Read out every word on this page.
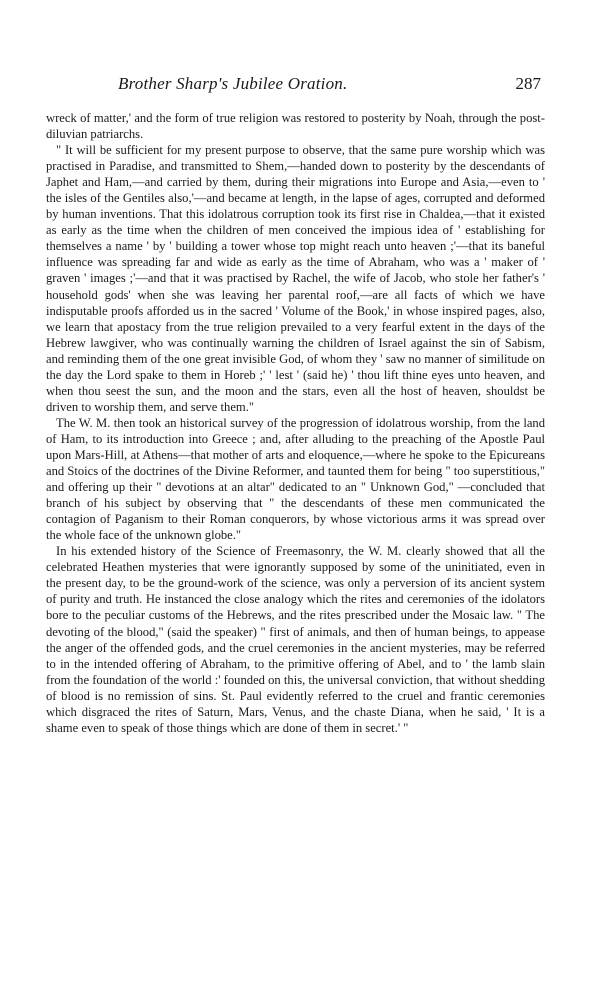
Brother Sharp's Jubilee Oration.	287

wreck of matter,' and the form of true religion was restored to posterity by Noah, through the post-diluvian patriarchs.

" It will be sufficient for my present purpose to observe, that the same pure worship which was practised in Paradise, and transmitted to Shem,—handed down to posterity by the descendants of Japhet and Ham,—and carried by them, during their migrations into Europe and Asia,—even to ' the isles of the Gentiles also,'—and became at length, in the lapse of ages, corrupted and deformed by human inventions. That this idolatrous corruption took its first rise in Chaldea,—that it existed as early as the time when the children of men conceived the impious idea of ' establishing for themselves a name ' by ' building a tower whose top might reach unto heaven ;'—that its baneful influence was spreading far and wide as early as the time of Abraham, who was a ' maker of ' graven ' images ;'—and that it was practised by Rachel, the wife of Jacob, who stole her father's ' household gods' when she was leaving her parental roof,—are all facts of which we have indisputable proofs afforded us in the sacred ' Volume of the Book,' in whose inspired pages, also, we learn that apostacy from the true religion prevailed to a very fearful extent in the days of the Hebrew lawgiver, who was continually warning the children of Israel against the sin of Sabism, and reminding them of the one great invisible God, of whom they ' saw no manner of similitude on the day the Lord spake to them in Horeb ;' ' lest ' (said he) ' thou lift thine eyes unto heaven, and when thou seest the sun, and the moon and the stars, even all the host of heaven, shouldst be driven to worship them, and serve them."

The W. M. then took an historical survey of the progression of idolatrous worship, from the land of Ham, to its introduction into Greece ; and, after alluding to the preaching of the Apostle Paul upon Mars-Hill, at Athens—that mother of arts and eloquence,—where he spoke to the Epicureans and Stoics of the doctrines of the Divine Reformer, and taunted them for being " too superstitious," and offering up their " devotions at an altar" dedicated to an " Unknown God," —concluded that branch of his subject by observing that " the descendants of these men communicated the contagion of Paganism to their Roman conquerors, by whose victorious arms it was spread over the whole face of the unknown globe."

In his extended history of the Science of Freemasonry, the W. M. clearly showed that all the celebrated Heathen mysteries that were ignorantly supposed by some of the uninitiated, even in the present day, to be the ground-work of the science, was only a perversion of its ancient system of purity and truth. He instanced the close analogy which the rites and ceremonies of the idolators bore to the peculiar customs of the Hebrews, and the rites prescribed under the Mosaic law. " The devoting of the blood," (said the speaker) " first of animals, and then of human beings, to appease the anger of the offended gods, and the cruel ceremonies in the ancient mysteries, may be referred to in the intended offering of Abraham, to the primitive offering of Abel, and to ' the lamb slain from the foundation of the world :' founded on this, the universal conviction, that without shedding of blood is no remission of sins. St. Paul evidently referred to the cruel and frantic ceremonies which disgraced the rites of Saturn, Mars, Venus, and the chaste Diana, when he said, ' It is a shame even to speak of those things which are done of them in secret.' "
